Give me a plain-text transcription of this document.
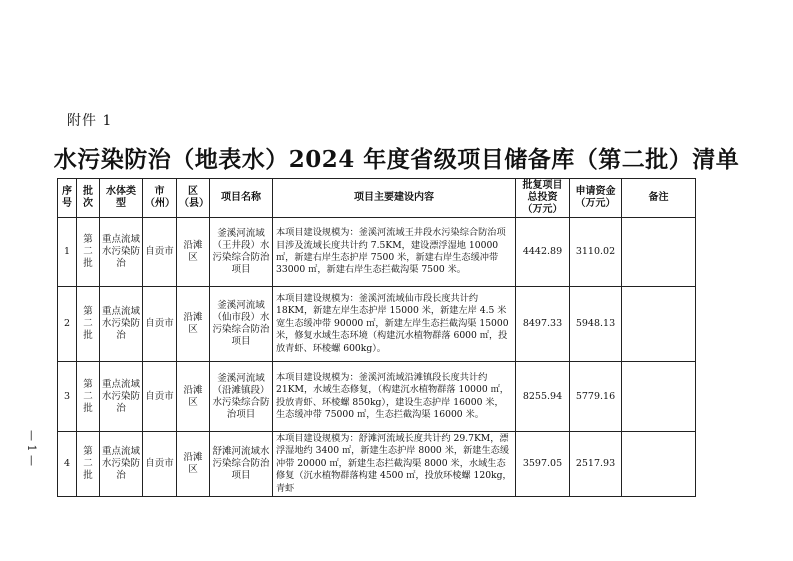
附件 1
水污染防治（地表水）2024 年度省级项目储备库（第二批）清单
— 1 —
序号	批次	水体类型	市（州）	区（县）	项目名称	项目主要建设内容	批复项目总投资（万元）	申请资金（万元）	备注
1	第二批	重点流域水污染防治	自贡市	沿滩区	釜溪河流域（王井段）水污染综合防治项目	本项目建设规模为：釜溪河流域王井段水污染综合防治项目涉及流域长度共计约 7.5KM，建设漂浮湿地 10000 ㎡，新建右岸生态护岸 7500 米，新建右岸生态缓冲带 33000 ㎡，新建右岸生态拦截沟渠 7500 米。	4442.89	3110.02	
2	第二批	重点流域水污染防治	自贡市	沿滩区	釜溪河流域（仙市段）水污染综合防治项目	本项目建设规模为：釜溪河流域仙市段长度共计约 18KM，新建左岸生态护岸 15000 米，新建左岸 4.5 米宽生态缓冲带 90000 ㎡，新建左岸生态拦截沟渠 15000 米，修复水域生态环境（构建沉水植物群落 6000 ㎡，投放青虾、环棱螺 600kg）。	8497.33	5948.13	
3	第二批	重点流域水污染防治	自贡市	沿滩区	釜溪河流域（沿滩镇段）水污染综合防治项目	本项目建设规模为：釜溪河流域沿滩镇段长度共计约 21KM，水域生态修复，（构建沉水植物群落 10000 ㎡，投放青虾、环棱螺 850kg），建设生态护岸 16000 米，生态缓冲带 75000 ㎡，生态拦截沟渠 16000 米。	8255.94	5779.16	
4	第二批	重点流域水污染防治	自贡市	沿滩区	舒滩河流域水污染综合防治项目	本项目建设规模为：舒滩河流域长度共计约 29.7KM，漂浮湿地约 3400 ㎡，新建生态护岸 8000 米，新建生态缓冲带 20000 ㎡，新建生态拦截沟渠 8000 米，水域生态修复（沉水植物群落构建 4500 ㎡，投放环棱螺 120kg，青虾	3597.05	2517.93	
